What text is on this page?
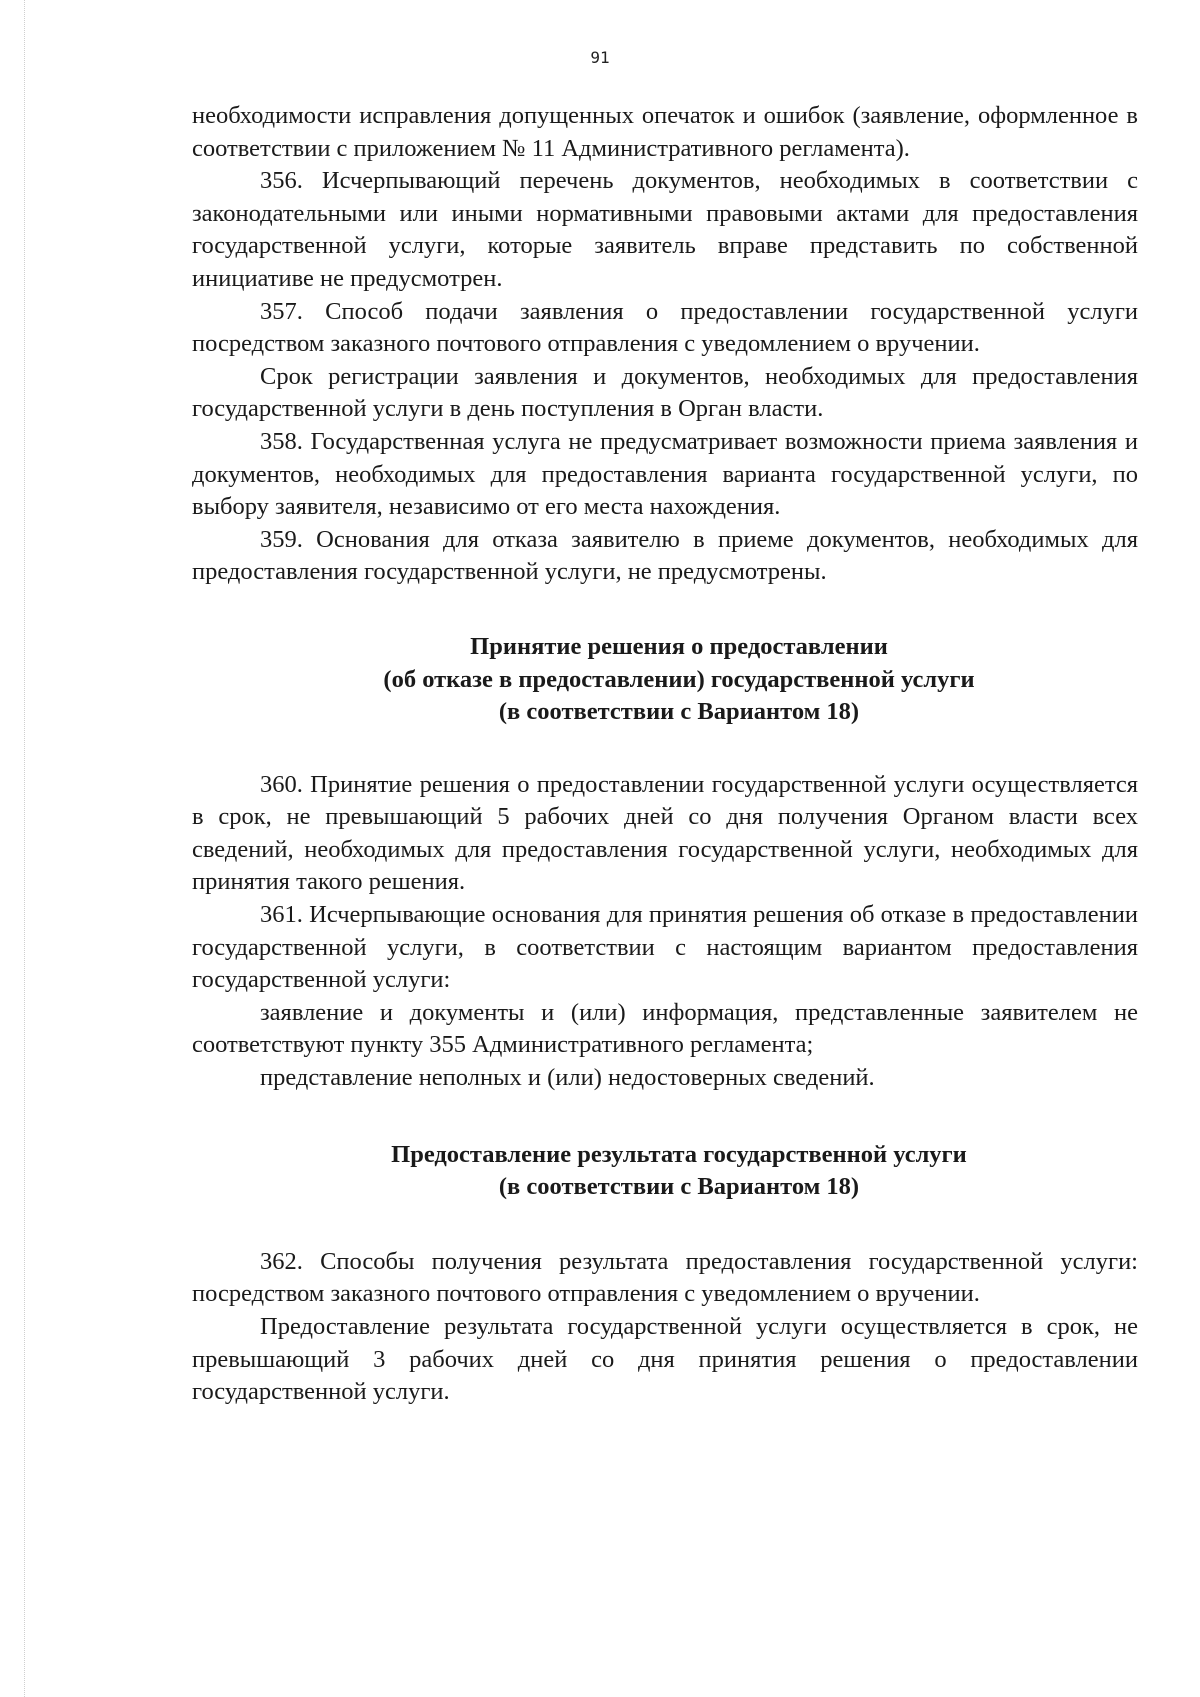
91

необходимости исправления допущенных опечаток и ошибок (заявление, оформленное в соответствии с приложением № 11 Административного регламента).

356. Исчерпывающий перечень документов, необходимых в соответствии с законодательными или иными нормативными правовыми актами для предоставления государственной услуги, которые заявитель вправе представить по собственной инициативе не предусмотрен.

357. Способ подачи заявления о предоставлении государственной услуги посредством заказного почтового отправления с уведомлением о вручении.

Срок регистрации заявления и документов, необходимых для предоставления государственной услуги в день поступления в Орган власти.

358. Государственная услуга не предусматривает возможности приема заявления и документов, необходимых для предоставления варианта государственной услуги, по выбору заявителя, независимо от его места нахождения.

359. Основания для отказа заявителю в приеме документов, необходимых для предоставления государственной услуги, не предусмотрены.

Принятие решения о предоставлении

(об отказе в предоставлении) государственной услуги

(в соответствии с Вариантом 18)

360. Принятие решения о предоставлении государственной услуги осуществляется в срок, не превышающий 5 рабочих дней со дня получения Органом власти всех сведений, необходимых для предоставления государственной услуги, необходимых для принятия такого решения.

361. Исчерпывающие основания для принятия решения об отказе в предоставлении государственной услуги, в соответствии с настоящим вариантом предоставления государственной услуги:

заявление и документы и (или) информация, представленные заявителем не соответствуют пункту 355 Административного регламента;

представление неполных и (или) недостоверных сведений.

Предоставление результата государственной услуги

(в соответствии с Вариантом 18)

362. Способы получения результата предоставления государственной услуги: посредством заказного почтового отправления с уведомлением о вручении.

Предоставление результата государственной услуги осуществляется в срок, не превышающий 3 рабочих дней со дня принятия решения о предоставлении государственной услуги.
